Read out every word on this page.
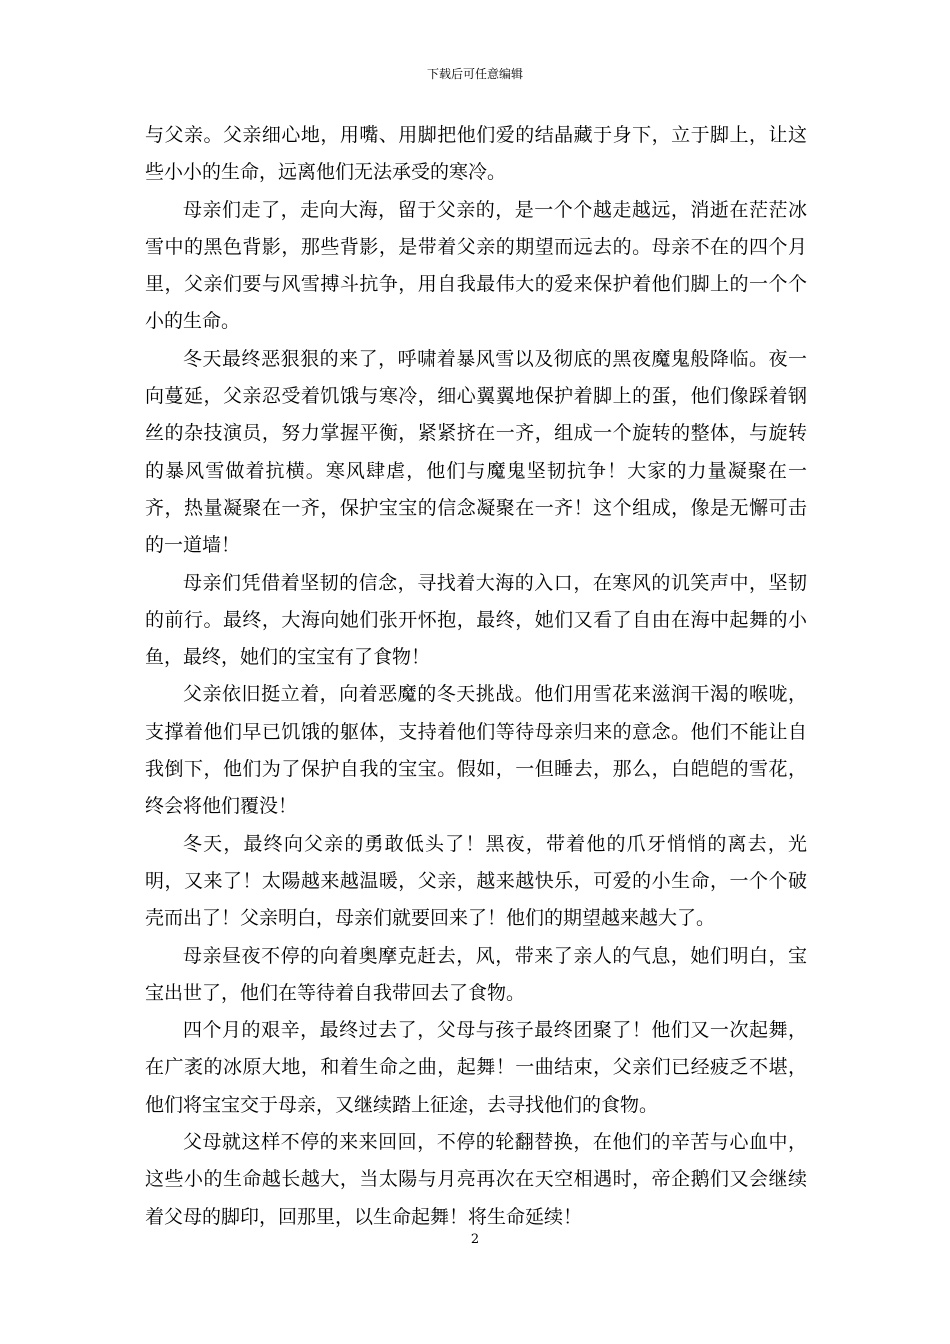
下载后可任意编辑

与父亲。父亲细心地，用嘴、用脚把他们爱的结晶藏于身下，立于脚上，让这些小小的生命，远离他们无法承受的寒冷。

母亲们走了，走向大海，留于父亲的，是一个个越走越远，消逝在茫茫冰雪中的黑色背影，那些背影，是带着父亲的期望而远去的。母亲不在的四个月里，父亲们要与风雪搏斗抗争，用自我最伟大的爱来保护着他们脚上的一个个小的生命。

冬天最终恶狠狠的来了，呼啸着暴风雪以及彻底的黑夜魔鬼般降临。夜一向蔓延，父亲忍受着饥饿与寒冷，细心翼翼地保护着脚上的蛋，他们像踩着钢丝的杂技演员，努力掌握平衡，紧紧挤在一齐，组成一个旋转的整体，与旋转的暴风雪做着抗横。寒风肆虐，他们与魔鬼坚韧抗争！大家的力量凝聚在一齐，热量凝聚在一齐，保护宝宝的信念凝聚在一齐！这个组成，像是无懈可击的一道墙！

母亲们凭借着坚韧的信念，寻找着大海的入口，在寒风的讥笑声中，坚韧的前行。最终，大海向她们张开怀抱，最终，她们又看了自由在海中起舞的小鱼，最终，她们的宝宝有了食物！

父亲依旧挺立着，向着恶魔的冬天挑战。他们用雪花来滋润干渴的喉咙，支撑着他们早已饥饿的躯体，支持着他们等待母亲归来的意念。他们不能让自我倒下，他们为了保护自我的宝宝。假如，一但睡去，那么，白皑皑的雪花，终会将他们覆没！

冬天，最终向父亲的勇敢低头了！黑夜，带着他的爪牙悄悄的离去，光明，又来了！太陽越来越温暖，父亲，越来越快乐，可爱的小生命，一个个破壳而出了！父亲明白，母亲们就要回来了！他们的期望越来越大了。

母亲昼夜不停的向着奥摩克赶去，风，带来了亲人的气息，她们明白，宝宝出世了，他们在等待着自我带回去了食物。

四个月的艰辛，最终过去了，父母与孩子最终团聚了！他们又一次起舞，在广袤的冰原大地，和着生命之曲，起舞！一曲结束，父亲们已经疲乏不堪，他们将宝宝交于母亲，又继续踏上征途，去寻找他们的食物。

父母就这样不停的来来回回，不停的轮翻替换，在他们的辛苦与心血中，这些小的生命越长越大，当太陽与月亮再次在天空相遇时，帝企鹅们又会继续着父母的脚印，回那里，以生命起舞！将生命延续！

2
